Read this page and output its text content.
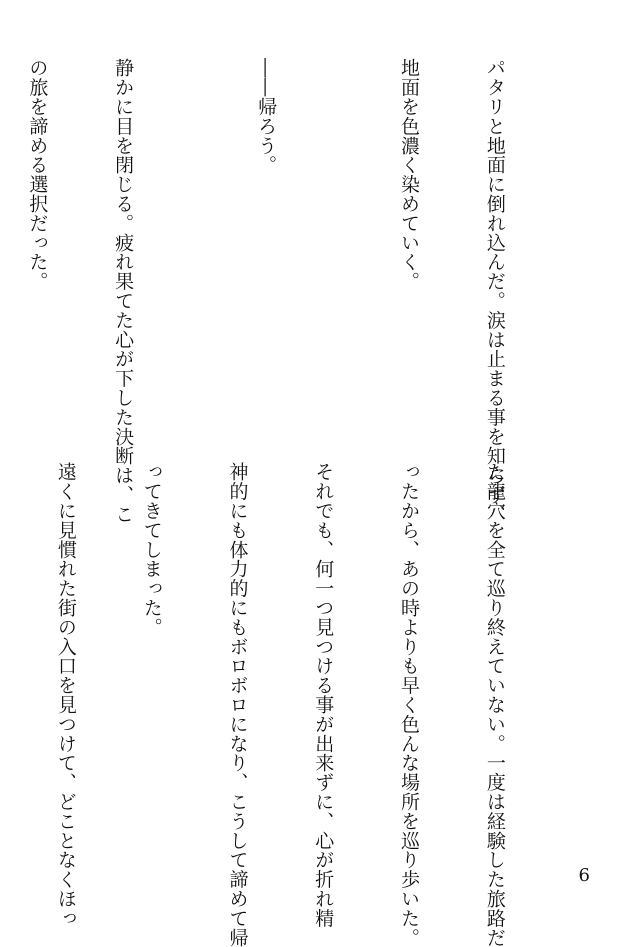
パタリと地面に倒れ込んだ。涙は止まる事を知らず、

地面を色濃く染めていく。

――帰ろう。

静かに目を閉じる。疲れ果てた心が下した決断は、こ

の旅を諦める選択だった。

た龍穴を全て巡り終えていない。一度は経験した旅路だ

ったから、あの時よりも早く色んな場所を巡り歩いた。

それでも、何一つ見つける事が出来ずに、心が折れ精

神的にも体力的にもボロボロになり、こうして諦めて帰

ってきてしまった。

遠くに見慣れた街の入口を見つけて、どことなくほっ

	6
